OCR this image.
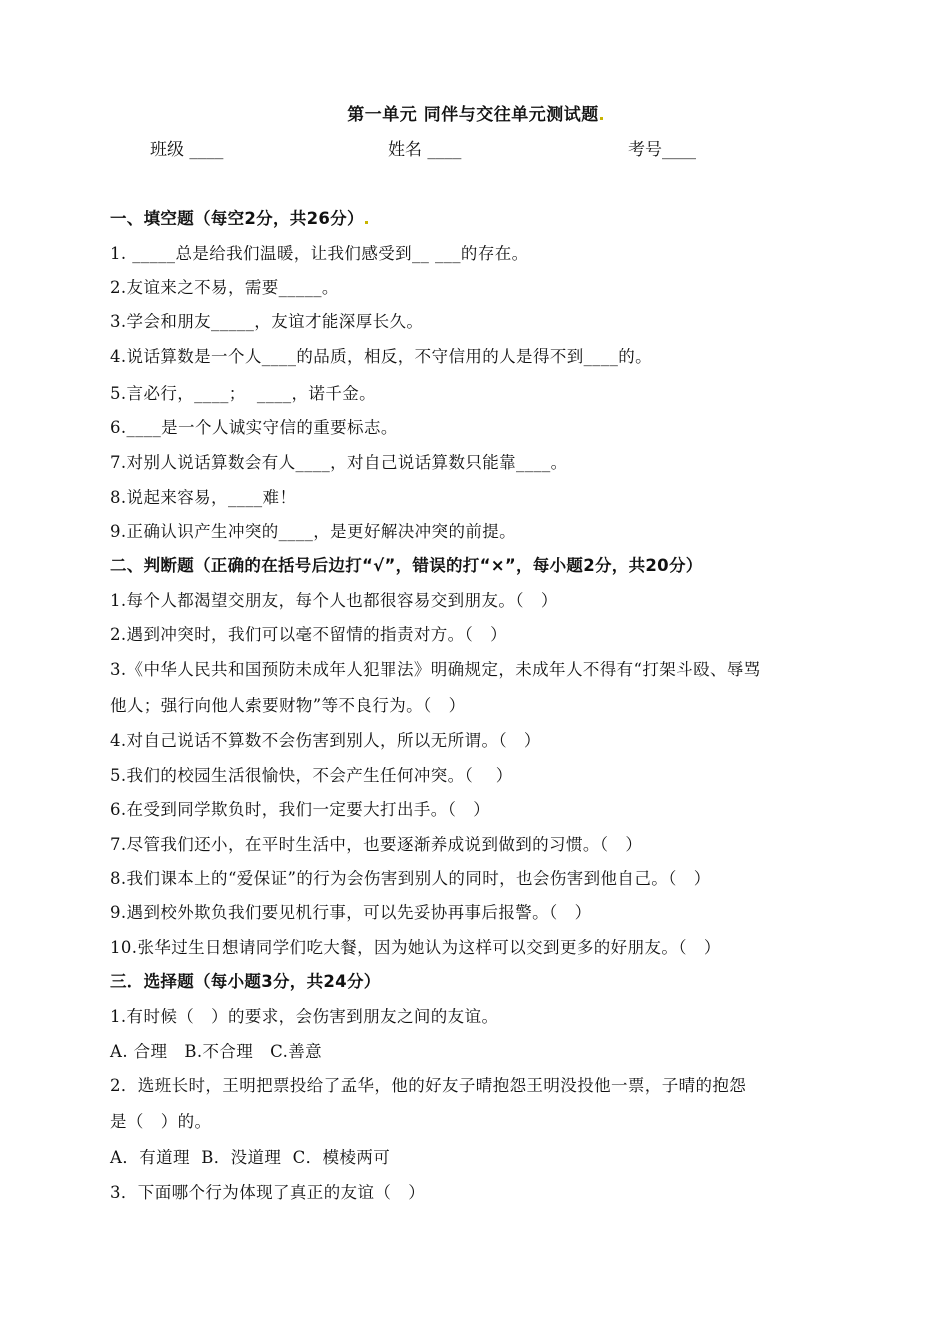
第一单元 同伴与交往单元测试题
班级 ____	姓名 ____	考号____
一、填空题（每空2分，共26分）
1. _____总是给我们温暖，让我们感受到__ ___的存在。
2.友谊来之不易，需要_____。
3.学会和朋友_____，友谊才能深厚长久。
4.说话算数是一个人____的品质，相反，不守信用的人是得不到____的。
5.言必行，____；  ____，诺千金。
6.____是一个人诚实守信的重要标志。
7.对别人说话算数会有人____，对自己说话算数只能靠____。
8.说起来容易，____难！
9.正确认识产生冲突的____，是更好解决冲突的前提。
二、判断题（正确的在括号后边打“√”，错误的打“×”，每小题2分，共20分）
1.每个人都渴望交朋友，每个人也都很容易交到朋友。（   ）
2.遇到冲突时，我们可以毫不留情的指责对方。（   ）
3.《中华人民共和国预防未成年人犯罪法》明确规定，未成年人不得有“打架斗殴、辱骂
他人；强行向他人索要财物”等不良行为。（   ）
4.对自己说话不算数不会伤害到别人，所以无所谓。（   ）
5.我们的校园生活很愉快，不会产生任何冲突。（    ）
6.在受到同学欺负时，我们一定要大打出手。（   ）
7.尽管我们还小，在平时生活中，也要逐渐养成说到做到的习惯。（   ）
8.我们课本上的“爱保证”的行为会伤害到别人的同时，也会伤害到他自己。（   ）
9.遇到校外欺负我们要见机行事，可以先妥协再事后报警。（   ）
10.张华过生日想请同学们吃大餐，因为她认为这样可以交到更多的好朋友。（   ）
三．选择题（每小题3分，共24分）
1.有时候（   ）的要求，会伤害到朋友之间的友谊。
A. 合理   B.不合理   C.善意
2．选班长时，王明把票投给了孟华，他的好友子晴抱怨王明没投他一票，子晴的抱怨
是（   ）的。
A．有道理  B．没道理  C．模棱两可
3．下面哪个行为体现了真正的友谊（   ）
